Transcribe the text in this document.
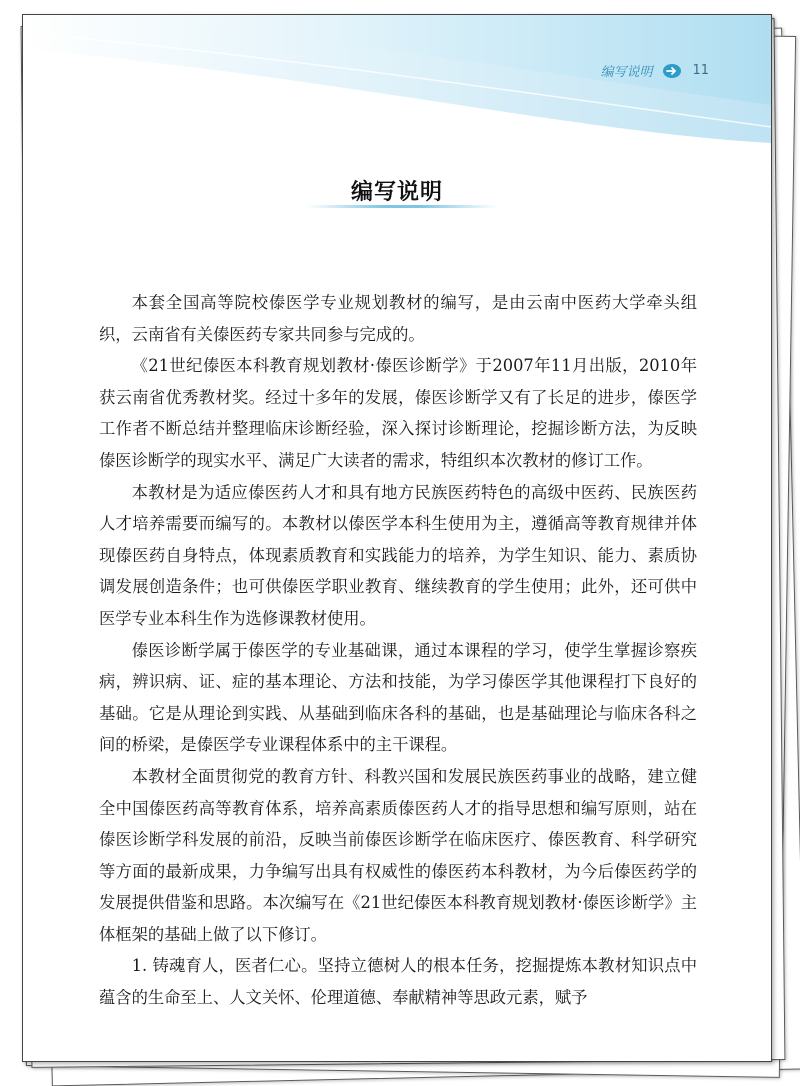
编写说明	11
编写说明

本套全国高等院校傣医学专业规划教材的编写，是由云南中医药大学牵头组织，云南省有关傣医药专家共同参与完成的。

《21世纪傣医本科教育规划教材·傣医诊断学》于2007年11月出版，2010年获云南省优秀教材奖。经过十多年的发展，傣医诊断学又有了长足的进步，傣医学工作者不断总结并整理临床诊断经验，深入探讨诊断理论，挖掘诊断方法，为反映傣医诊断学的现实水平、满足广大读者的需求，特组织本次教材的修订工作。

本教材是为适应傣医药人才和具有地方民族医药特色的高级中医药、民族医药人才培养需要而编写的。本教材以傣医学本科生使用为主，遵循高等教育规律并体现傣医药自身特点，体现素质教育和实践能力的培养，为学生知识、能力、素质协调发展创造条件；也可供傣医学职业教育、继续教育的学生使用；此外，还可供中医学专业本科生作为选修课教材使用。

傣医诊断学属于傣医学的专业基础课，通过本课程的学习，使学生掌握诊察疾病，辨识病、证、症的基本理论、方法和技能，为学习傣医学其他课程打下良好的基础。它是从理论到实践、从基础到临床各科的基础，也是基础理论与临床各科之间的桥梁，是傣医学专业课程体系中的主干课程。

本教材全面贯彻党的教育方针、科教兴国和发展民族医药事业的战略，建立健全中国傣医药高等教育体系，培养高素质傣医药人才的指导思想和编写原则，站在傣医诊断学科发展的前沿，反映当前傣医诊断学在临床医疗、傣医教育、科学研究等方面的最新成果，力争编写出具有权威性的傣医药本科教材，为今后傣医药学的发展提供借鉴和思路。本次编写在《21世纪傣医本科教育规划教材·傣医诊断学》主体框架的基础上做了以下修订。

1. 铸魂育人，医者仁心。坚持立德树人的根本任务，挖掘提炼本教材知识点中蕴含的生命至上、人文关怀、伦理道德、奉献精神等思政元素，赋予
